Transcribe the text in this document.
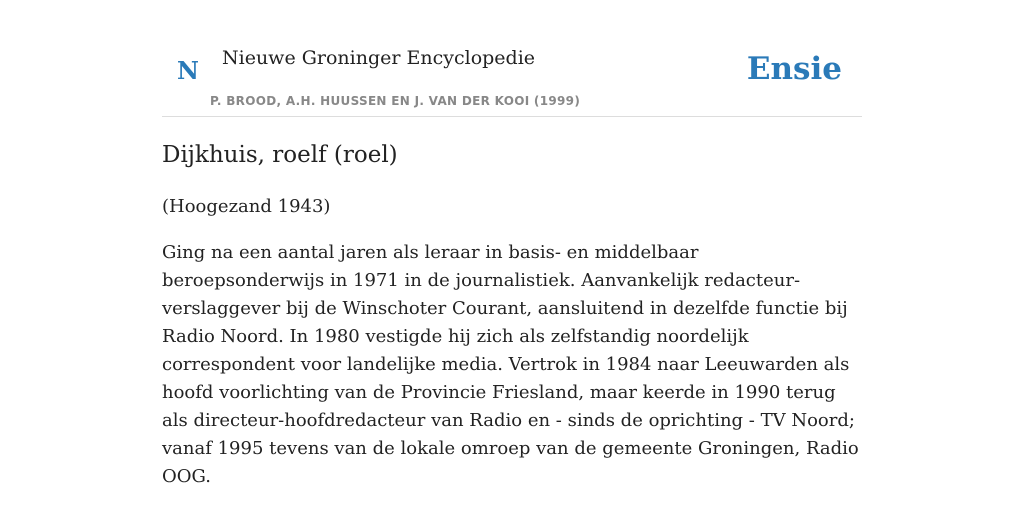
N Nieuwe Groninger Encyclopedie
P. BROOD, A.H. HUUSSEN EN J. VAN DER KOOI (1999)
Ensie
Dijkhuis, roelf (roel)

(Hoogezand 1943)

Ging na een aantal jaren als leraar in basis- en middelbaar beroepsonderwijs in 1971 in de journalistiek. Aanvankelijk redacteur-verslaggever bij de Winschoter Courant, aansluitend in dezelfde functie bij Radio Noord. In 1980 vestigde hij zich als zelfstandig noordelijk correspondent voor landelijke media. Vertrok in 1984 naar Leeuwarden als hoofd voorlichting van de Provincie Friesland, maar keerde in 1990 terug als directeur-hoofdredacteur van Radio en - sinds de oprichting - TV Noord; vanaf 1995 tevens van de lokale omroep van de gemeente Groningen, Radio OOG.
